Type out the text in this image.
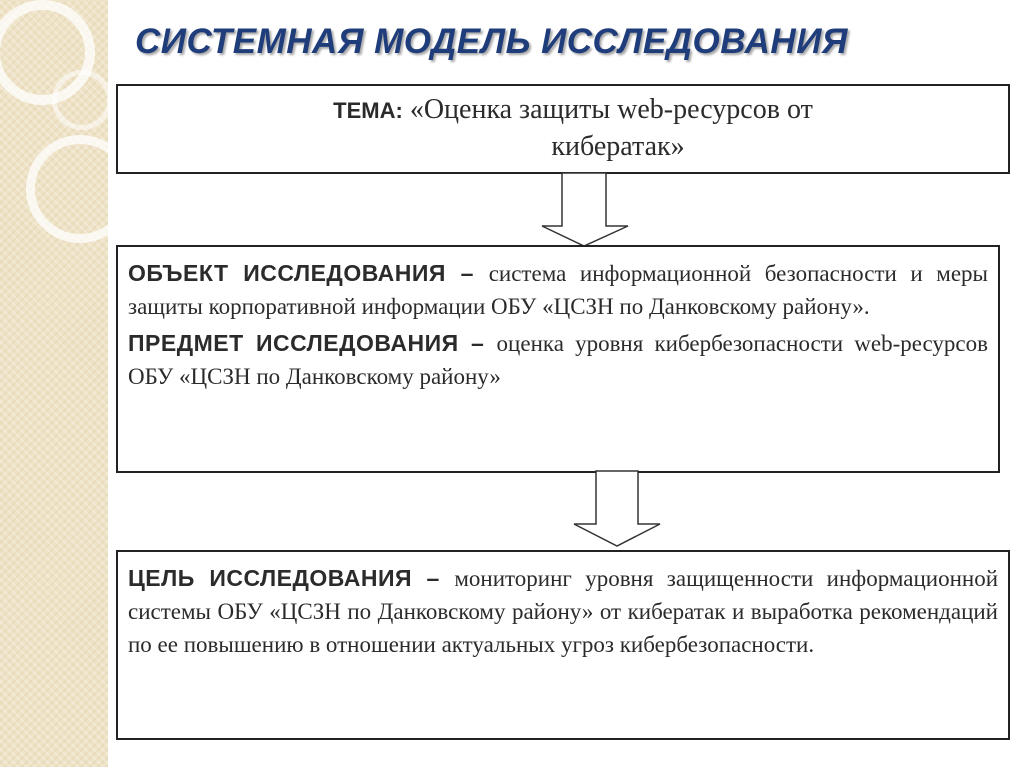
СИСТЕМНАЯ МОДЕЛЬ ИССЛЕДОВАНИЯ
ТЕМА: «Оценка защиты web-ресурсов от
кибератак»
ОБЪЕКТ ИССЛЕДОВАНИЯ – система информационной безопасности и меры защиты корпоративной информации ОБУ «ЦСЗН по Данковскому району».
ПРЕДМЕТ ИССЛЕДОВАНИЯ – оценка уровня кибербезопасности web-ресурсов ОБУ «ЦСЗН по Данковскому району»
ЦЕЛЬ ИССЛЕДОВАНИЯ – мониторинг уровня защищенности информационной системы ОБУ «ЦСЗН по Данковскому району» от кибератак и выработка рекомендаций по ее повышению в отношении актуальных угроз кибербезопасности.
